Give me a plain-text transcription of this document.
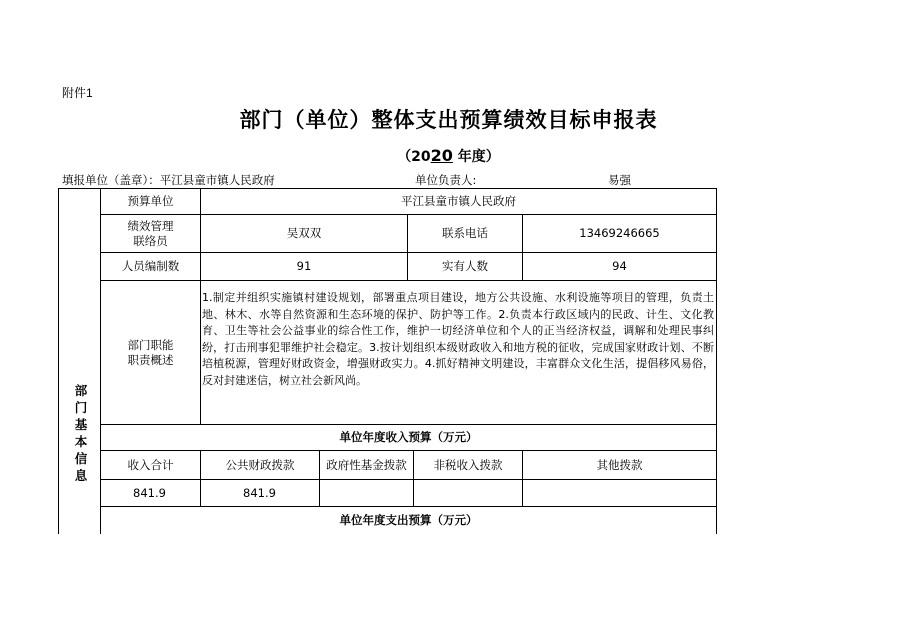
附件1
部门（单位）整体支出预算绩效目标申报表
（2020 年度）
填报单位（盖章）：平江县童市镇人民政府	单位负责人:	易强
部
门
基
本
信
息
预算单位	平江县童市镇人民政府
绩效管理
联络员
吴双双	联系电话	13469246665
人员编制数	91	实有人数	94
部门职能
职责概述
1.制定并组织实施镇村建设规划，部署重点项目建设，地方公共设施、水利设施等项目的管理，负责土地、林木、水等自然资源和生态环境的保护、防护等工作。2.负责本行政区域内的民政、计生、文化教育、卫生等社会公益事业的综合性工作，维护一切经济单位和个人的正当经济权益，调解和处理民事纠纷，打击刑事犯罪维护社会稳定。3.按计划组织本级财政收入和地方税的征收，完成国家财政计划、不断培植税源，管理好财政资金，增强财政实力。4.抓好精神文明建设，丰富群众文化生活，提倡移风易俗，反对封建迷信，树立社会新风尚。
单位年度收入预算（万元）
收入合计	公共财政拨款	政府性基金拨款	非税收入拨款	其他拨款
841.9	841.9
单位年度支出预算（万元）
